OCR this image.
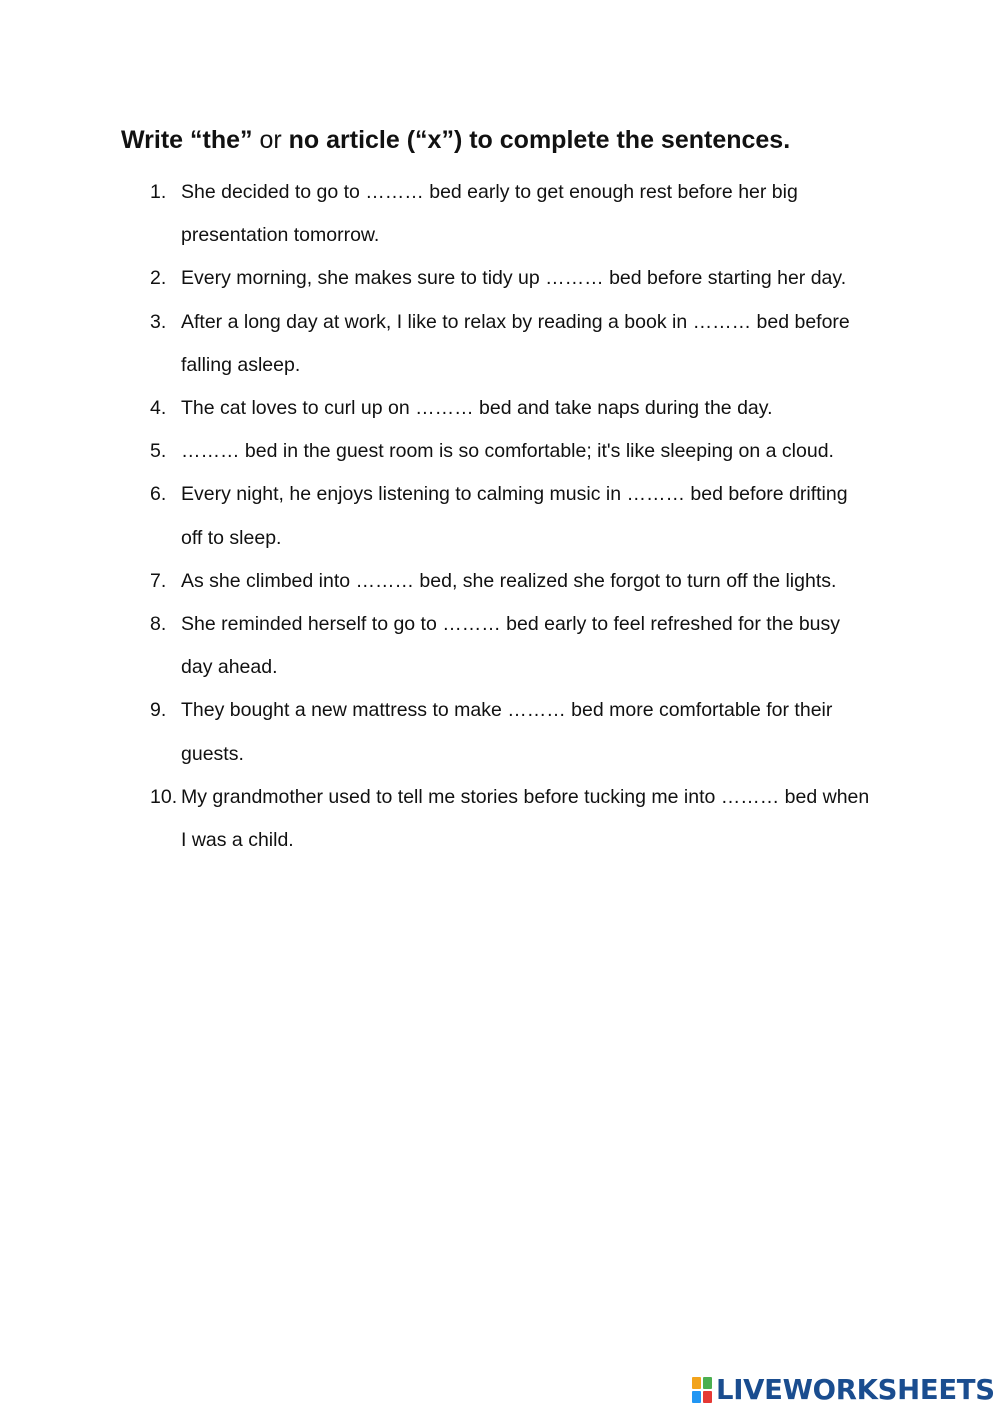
Write “the” or no article (“x”) to complete the sentences.
1. She decided to go to ……… bed early to get enough rest before her big presentation tomorrow.
2. Every morning, she makes sure to tidy up ……… bed before starting her day.
3. After a long day at work, I like to relax by reading a book in ……… bed before falling asleep.
4. The cat loves to curl up on ……… bed and take naps during the day.
5. ……… bed in the guest room is so comfortable; it's like sleeping on a cloud.
6. Every night, he enjoys listening to calming music in ……… bed before drifting off to sleep.
7. As she climbed into ……… bed, she realized she forgot to turn off the lights.
8. She reminded herself to go to ……… bed early to feel refreshed for the busy day ahead.
9. They bought a new mattress to make ……… bed more comfortable for their guests.
10. My grandmother used to tell me stories before tucking me into ……… bed when I was a child.
LIVEWORKSHEETS
